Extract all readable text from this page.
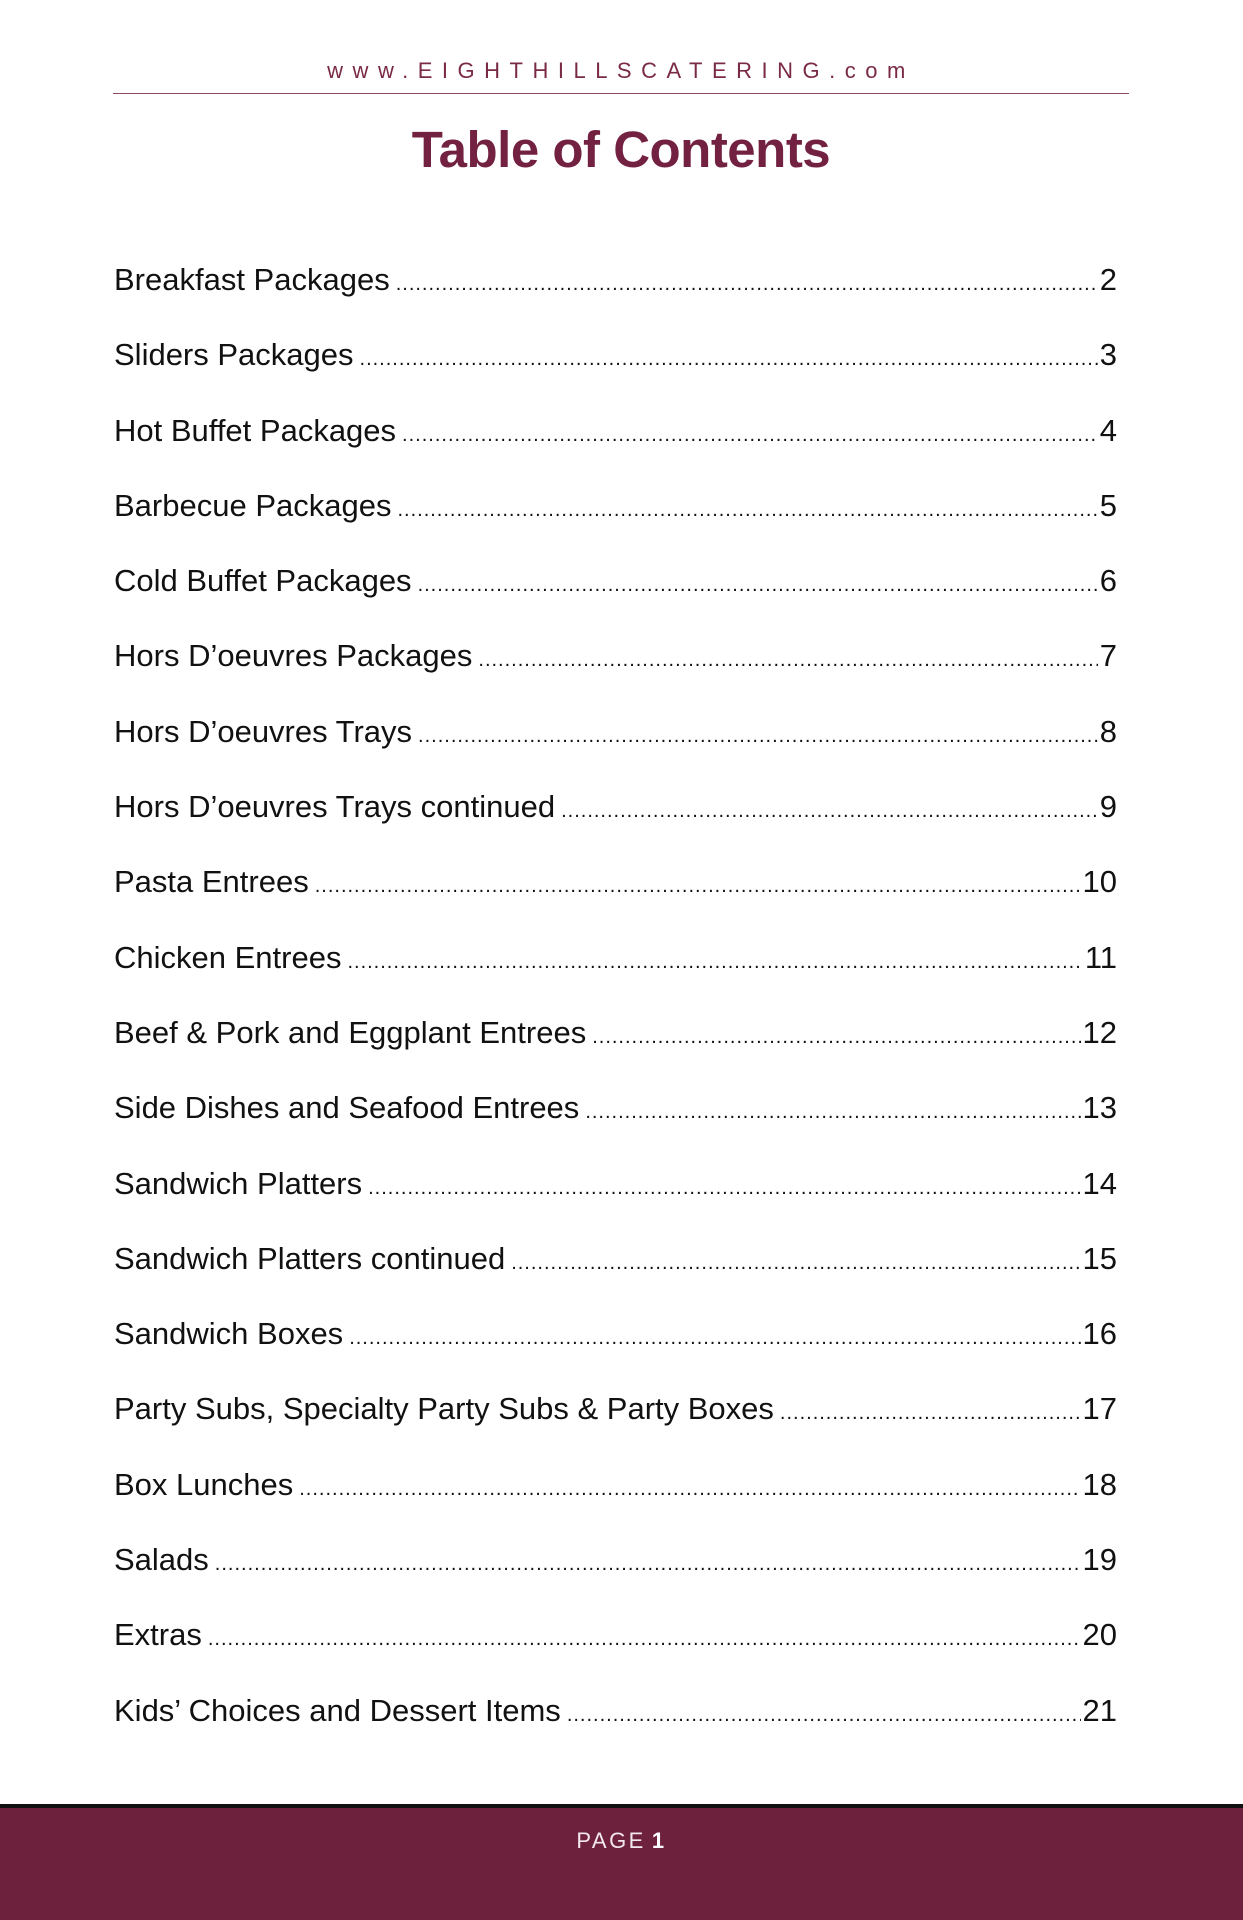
www.EIGHTHILLSCATERING.com
Table of Contents
Breakfast Packages .....	2
Sliders Packages .....	3
Hot Buffet Packages .....	4
Barbecue Packages .....	5
Cold Buffet Packages .....	6
Hors D’oeuvres Packages .....	7
Hors D’oeuvres Trays .....	8
Hors D’oeuvres Trays continued .....	9
Pasta Entrees .....	10
Chicken Entrees .....	11
Beef & Pork and Eggplant Entrees .....	12
Side Dishes and Seafood Entrees .....	13
Sandwich Platters .....	14
Sandwich Platters continued .....	15
Sandwich Boxes .....	16
Party Subs, Specialty Party Subs & Party Boxes .....	17
Box Lunches .....	18
Salads .....	19
Extras .....	20
Kids’ Choices and Dessert Items .....	21
PAGE 1
